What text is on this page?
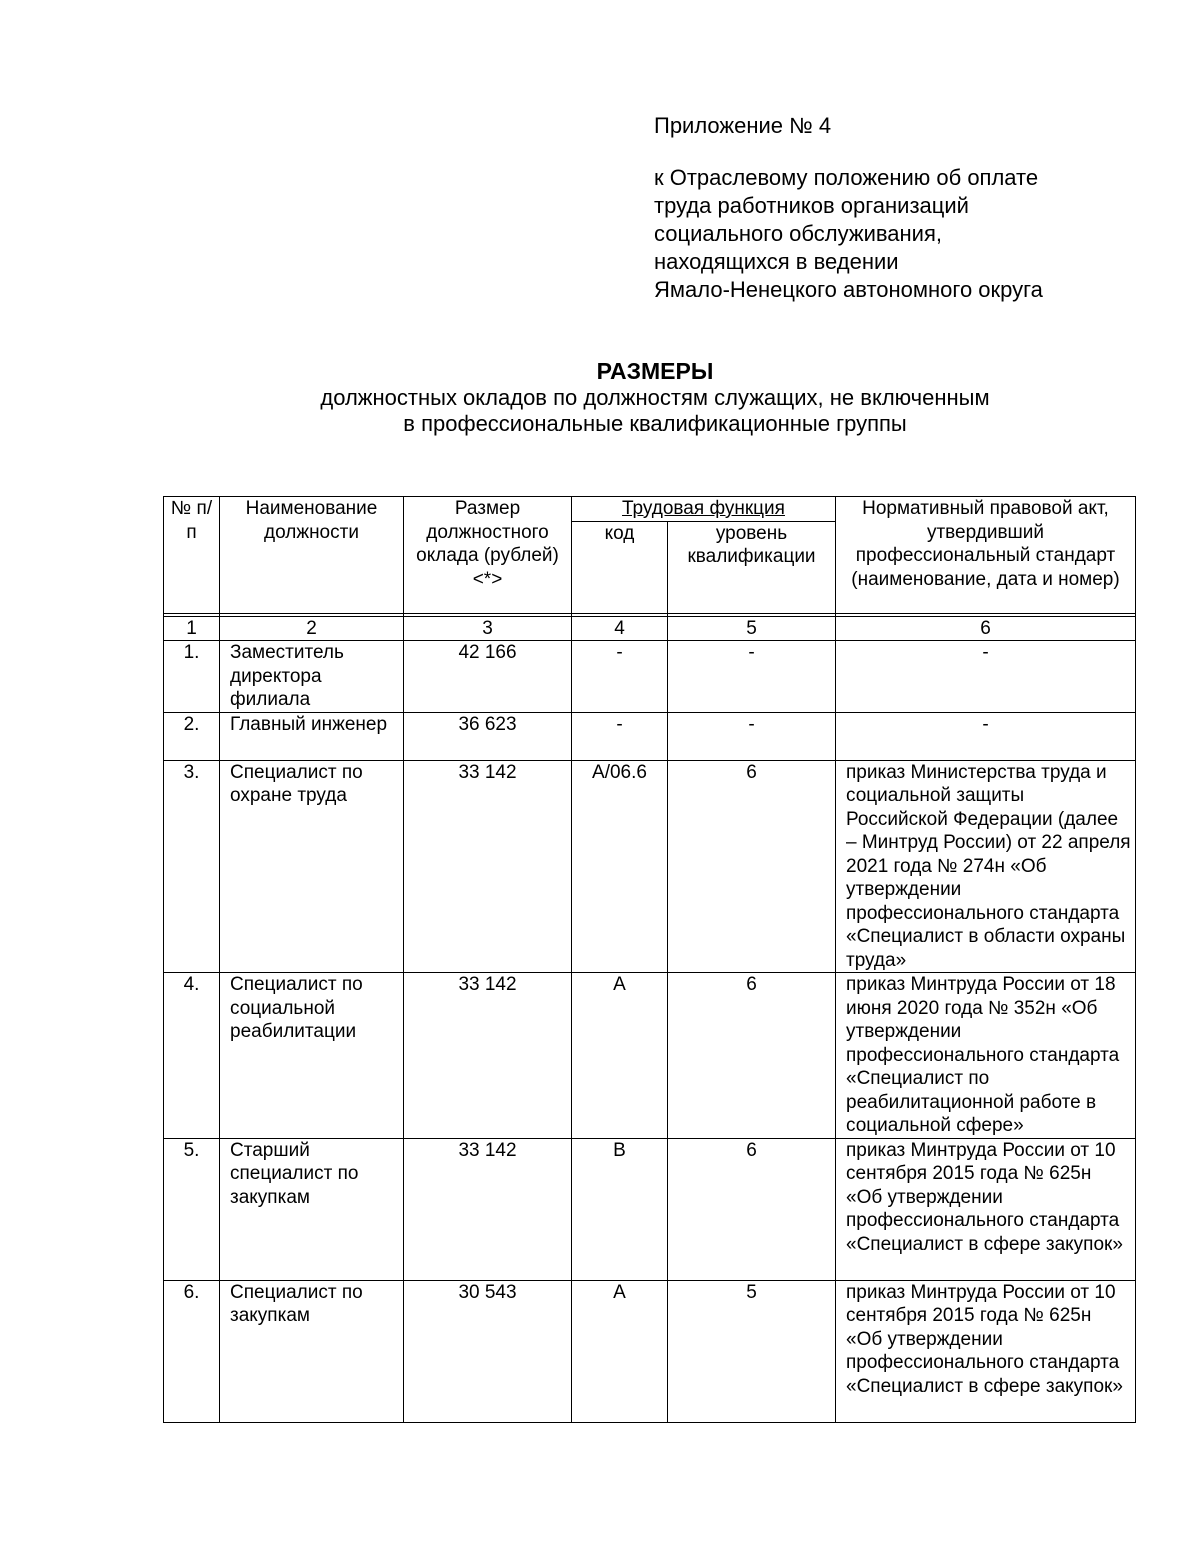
Приложение № 4
к Отраслевому положению об оплате
труда работников организаций
социального обслуживания,
находящихся в ведении
Ямало-Ненецкого автономного округа
РАЗМЕРЫ
должностных окладов по должностям служащих, не включенным
в профессиональные квалификационные группы
№ п/п	Наименование должности	Размер должностного оклада (рублей) <*>	Трудовая функция		Нормативный правовой акт, утвердивший профессиональный стандарт (наименование, дата и номер)
			код	уровень квалификации	

1	2	3	4	5	6
1.	Заместитель директора филиала	42 166	-	-	-
2.	Главный инженер	36 623	-	-	-
3.	Специалист по охране труда	33 142	А/06.6	6	приказ Министерства труда и социальной защиты Российской Федерации (далее – Минтруд России) от 22 апреля 2021 года № 274н «Об утверждении профессионального стандарта «Специалист в области охраны труда»
4.	Специалист по социальной реабилитации	33 142	А	6	приказ Минтруда России от 18 июня 2020 года № 352н «Об утверждении профессионального стандарта «Специалист по реабилитационной работе в социальной сфере»
5.	Старший специалист по закупкам	33 142	В	6	приказ Минтруда России от 10 сентября 2015 года № 625н «Об утверждении профессионального стандарта «Специалист в сфере закупок»
6.	Специалист по закупкам	30 543	А	5	приказ Минтруда России от 10 сентября 2015 года № 625н «Об утверждении профессионального стандарта «Специалист в сфере закупок»
